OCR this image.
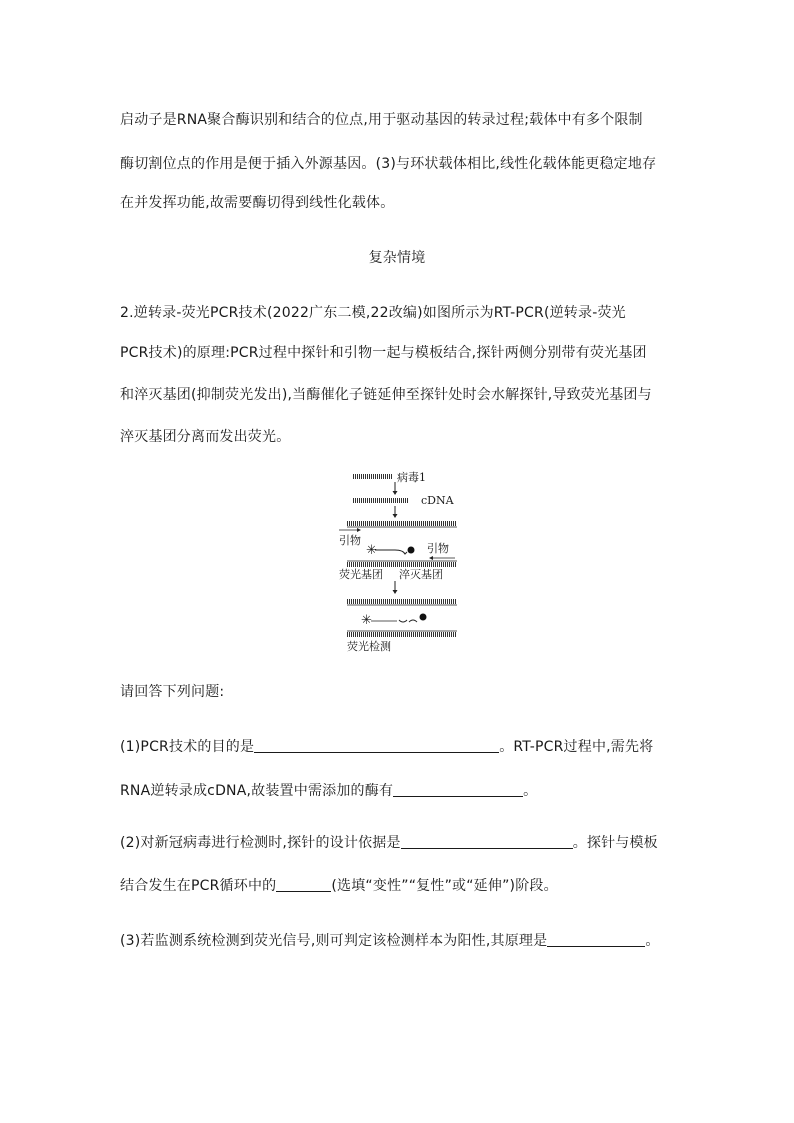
启动子是RNA聚合酶识别和结合的位点,用于驱动基因的转录过程;载体中有多个限制
酶切割位点的作用是便于插入外源基因。(3)与环状载体相比,线性化载体能更稳定地存
在并发挥功能,故需要酶切得到线性化载体。
复杂情境
2.逆转录-荧光PCR技术(2022广东二模,22改编)如图所示为RT-PCR(逆转录-荧光
PCR技术)的原理:PCR过程中探针和引物一起与模板结合,探针两侧分别带有荧光基团
和淬灭基团(抑制荧光发出),当酶催化子链延伸至探针处时会水解探针,导致荧光基团与
淬灭基团分离而发出荧光。
病毒1
cDNA
引物
✳	引物
荧光基团 淬灭基团
✳
荧光检测
请回答下列问题:
(1)PCR技术的目的是	。RT-PCR过程中,需先将
RNA逆转录成cDNA,故装置中需添加的酶有	。
(2)对新冠病毒进行检测时,探针的设计依据是	。探针与模板
结合发生在PCR循环中的	(选填“变性”“复性”或“延伸”)阶段。
(3)若监测系统检测到荧光信号,则可判定该检测样本为阳性,其原理是	。
